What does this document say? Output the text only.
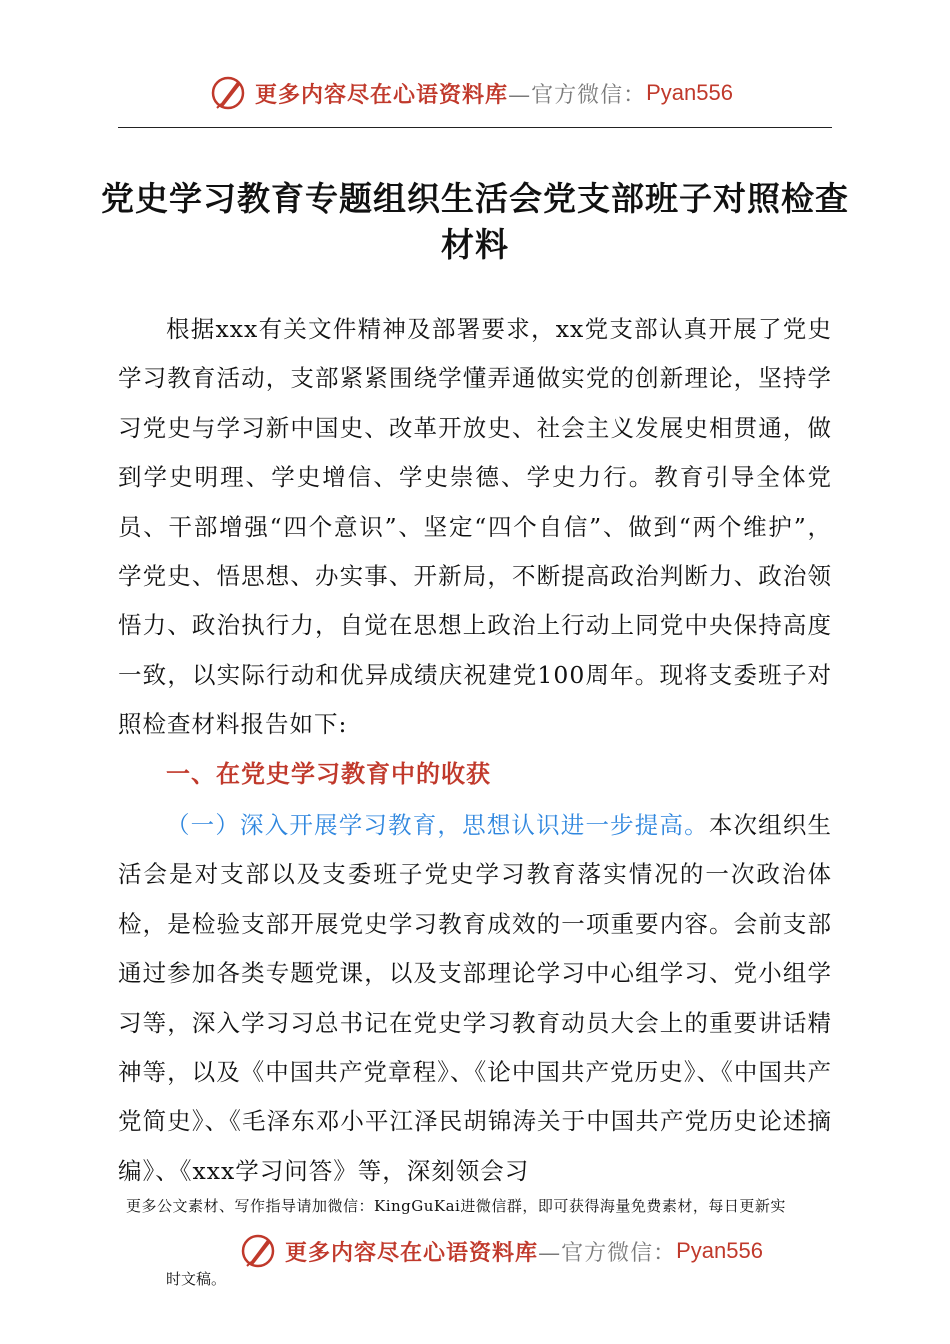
更多内容尽在心语资料库 —官方微信： Pyan556
党史学习教育专题组织生活会党支部班子对照检查材料

根据xxx有关文件精神及部署要求，xx党支部认真开展了党史学习教育活动，支部紧紧围绕学懂弄通做实党的创新理论，坚持学习党史与学习新中国史、改革开放史、社会主义发展史相贯通，做到学史明理、学史增信、学史崇德、学史力行。教育引导全体党员、干部增强“四个意识”、坚定“四个自信”、做到“两个维护”，学党史、悟思想、办实事、开新局，不断提高政治判断力、政治领悟力、政治执行力，自觉在思想上政治上行动上同党中央保持高度一致，以实际行动和优异成绩庆祝建党100周年。现将支委班子对照检查材料报告如下:

一、在党史学习教育中的收获

（一）深入开展学习教育，思想认识进一步提高。本次组织生活会是对支部以及支委班子党史学习教育落实情况的一次政治体检，是检验支部开展党史学习教育成效的一项重要内容。会前支部通过参加各类专题党课，以及支部理论学习中心组学习、党小组学习等，深入学习习总书记在党史学习教育动员大会上的重要讲话精神等，以及《中国共产党章程》、《论中国共产党历史》、《中国共产党简史》、《毛泽东邓小平江泽民胡锦涛关于中国共产党历史论述摘编》、《xxx学习问答》等，深刻领会习

更多公文素材、写作指导请加微信：KingGuKai进微信群，即可获得海量免费素材，每日更新实

更多内容尽在心语资料库 —官方微信： Pyan556

时文稿。
